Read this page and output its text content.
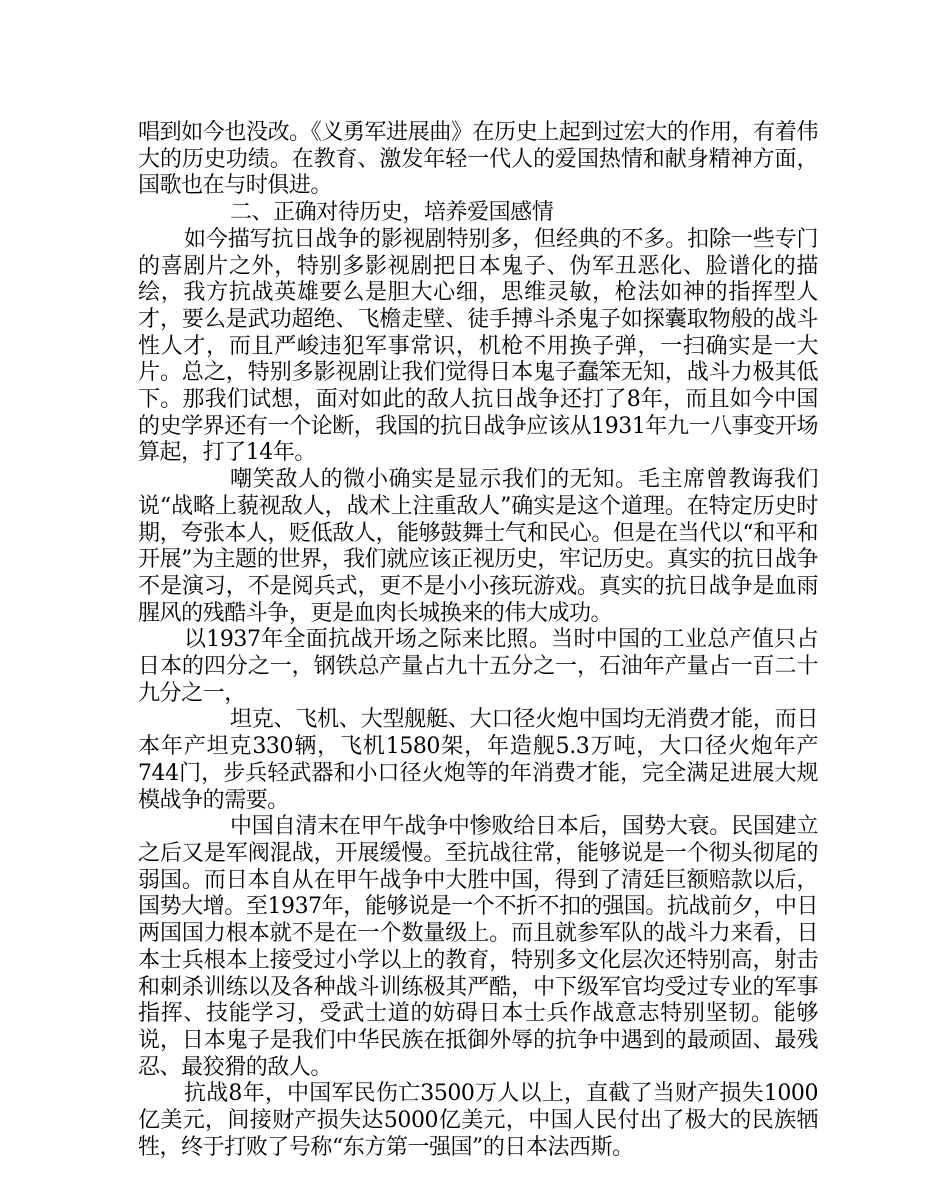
唱到如今也没改。《义勇军进展曲》在历史上起到过宏大的作用，有着伟大的历史功绩。在教育、激发年轻一代人的爱国热情和献身精神方面，国歌也在与时俱进。

二、正确对待历史，培养爱国感情

如今描写抗日战争的影视剧特别多，但经典的不多。扣除一些专门的喜剧片之外，特别多影视剧把日本鬼子、伪军丑恶化、脸谱化的描绘，我方抗战英雄要么是胆大心细，思维灵敏，枪法如神的指挥型人才，要么是武功超绝、飞檐走壁、徒手搏斗杀鬼子如探囊取物般的战斗性人才，而且严峻违犯军事常识，机枪不用换子弹，一扫确实是一大片。总之，特别多影视剧让我们觉得日本鬼子蠢笨无知，战斗力极其低下。那我们试想，面对如此的敌人抗日战争还打了8年，而且如今中国的史学界还有一个论断，我国的抗日战争应该从1931年九一八事变开场算起，打了14年。

嘲笑敌人的微小确实是显示我们的无知。毛主席曾教诲我们说“战略上藐视敌人，战术上注重敌人”确实是这个道理。在特定历史时期，夸张本人，贬低敌人，能够鼓舞士气和民心。但是在当代以“和平和开展”为主题的世界，我们就应该正视历史，牢记历史。真实的抗日战争不是演习，不是阅兵式，更不是小小孩玩游戏。真实的抗日战争是血雨腥风的残酷斗争，更是血肉长城换来的伟大成功。

以1937年全面抗战开场之际来比照。当时中国的工业总产值只占日本的四分之一，钢铁总产量占九十五分之一，石油年产量占一百二十九分之一，

坦克、飞机、大型舰艇、大口径火炮中国均无消费才能，而日本年产坦克330辆，飞机1580架，年造舰5.3万吨，大口径火炮年产744门，步兵轻武器和小口径火炮等的年消费才能，完全满足进展大规模战争的需要。

中国自清末在甲午战争中惨败给日本后，国势大衰。民国建立之后又是军阀混战，开展缓慢。至抗战往常，能够说是一个彻头彻尾的弱国。而日本自从在甲午战争中大胜中国，得到了清廷巨额赔款以后，国势大增。至1937年，能够说是一个不折不扣的强国。抗战前夕，中日两国国力根本就不是在一个数量级上。而且就参军队的战斗力来看，日本士兵根本上接受过小学以上的教育，特别多文化层次还特别高，射击和刺杀训练以及各种战斗训练极其严酷，中下级军官均受过专业的军事指挥、技能学习，受武士道的妨碍日本士兵作战意志特别坚韧。能够说，日本鬼子是我们中华民族在抵御外辱的抗争中遇到的最顽固、最残忍、最狡猾的敌人。

抗战8年，中国军民伤亡3500万人以上，直截了当财产损失1000亿美元，间接财产损失达5000亿美元，中国人民付出了极大的民族牺牲，终于打败了号称“东方第一强国”的日本法西斯。
